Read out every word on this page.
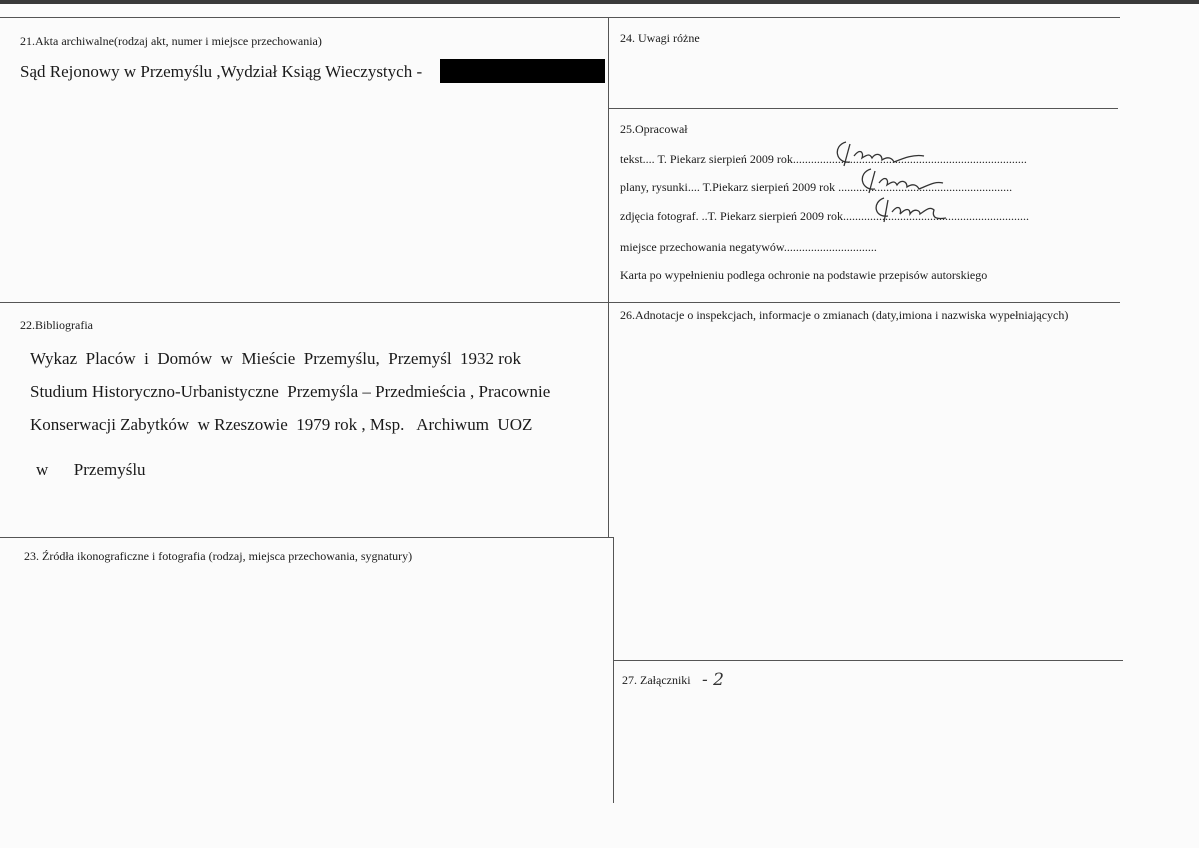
21.Akta archiwalne(rodzaj akt, numer i miejsce przechowania)
Sąd Rejonowy w Przemyślu ,Wydział Ksiąg Wieczystych -
24. Uwagi różne
25.Opracował
tekst.... T. Piekarz sierpień 2009 rok..............................................................................
plany, rysunki.... T.Piekarz sierpień 2009 rok ..........................................................
zdjęcia fotograf. ..T. Piekarz sierpień 2009 rok..............................................................
miejsce przechowania negatywów...............................
Karta po wypełnieniu podlega ochronie na podstawie przepisów autorskiego
26.Adnotacje o inspekcjach, informacje o zmianach (daty,imiona i nazwiska wypełniających)
22.Bibliografia
Wykaz  Placów  i  Domów  w  Mieście  Przemyślu,  Przemyśl  1932 rok
Studium Historyczno-Urbanistyczne  Przemyśla – Przedmieścia , Pracownie
Konserwacji Zabytków  w Rzeszowie  1979 rok , Msp.   Archiwum  UOZ
w      Przemyślu
23. Źródła ikonograficzne i fotografia (rodzaj, miejsca przechowania, sygnatury)
27. Załączniki - 2
